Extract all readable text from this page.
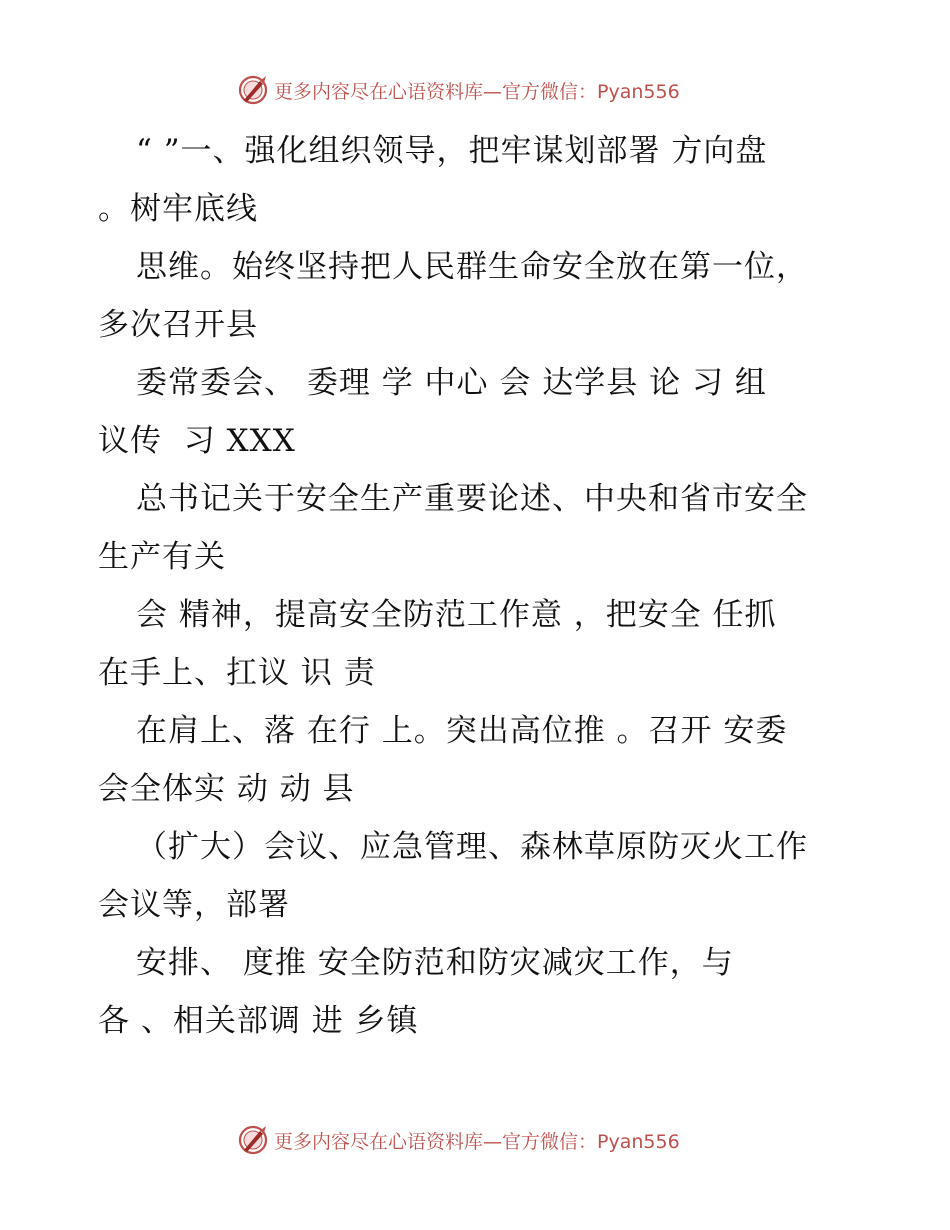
更多内容尽在心语资料库—官方微信：Pyan556
“ ”一、强化组织领导，把牢谋划部署 方向盘
。树牢底线
思维。始终坚持把人民群生命安全放在第一位，
多次召开县
委常委会、 委理 学 中心 会 达学县 论 习 组
议传  习 XXX
总书记关于安全生产重要论述、中央和省市安全
生产有关
会 精神，提高安全防范工作意 ，把安全 任抓
在手上、扛议 识 责
在肩上、落 在行 上。突出高位推 。召开 安委
会全体实 动 动 县
（扩大）会议、应急管理、森林草原防灭火工作
会议等，部署
安排、 度推 安全防范和防灾减灾工作，与
各 、相关部调 进 乡镇
更多内容尽在心语资料库—官方微信：Pyan556
